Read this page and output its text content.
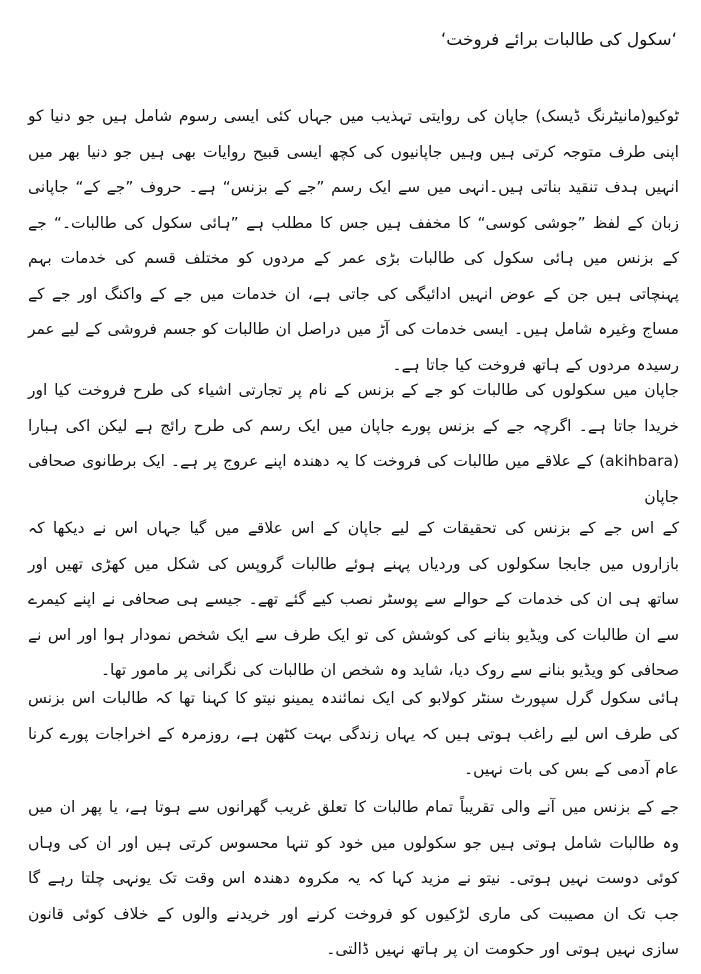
‘سکول کی طالبات برائے فروخت‘

ٹوکیو(مانیٹرنگ ڈیسک) جاپان کی روایتی تہذیب میں جہاں کئی ایسی رسوم شامل ہیں جو دنیا کو اپنی طرف متوجہ کرتی ہیں وہیں جاپانیوں کی کچھ ایسی قبیح روایات بھی ہیں جو دنیا بھر میں انہیں ہدف تنقید بناتی ہیں۔انہی میں سے ایک رسم ”جے کے بزنس“ ہے۔ حروف ”جے کے“ جاپانی زبان کے لفظ ”جوشی کوسی“ کا مخفف ہیں جس کا مطلب ہے ”ہائی سکول کی طالبات۔“ جے کے بزنس میں ہائی سکول کی طالبات بڑی عمر کے مردوں کو مختلف قسم کی خدمات بہم پہنچاتی ہیں جن کے عوض انہیں ادائیگی کی جاتی ہے، ان خدمات میں جے کے واکنگ اور جے کے مساج وغیرہ شامل ہیں۔ ایسی خدمات کی آڑ میں دراصل ان طالبات کو جسم فروشی کے لیے عمر رسیدہ مردوں کے ہاتھ فروخت کیا جاتا ہے۔

جاپان میں سکولوں کی طالبات کو جے کے بزنس کے نام پر تجارتی اشیاء کی طرح فروخت کیا اور خریدا جاتا ہے۔ اگرچہ جے کے بزنس پورے جاپان میں ایک رسم کی طرح رائج ہے لیکن اکی ہبارا (akihbara) کے علاقے میں طالبات کی فروخت کا یہ دھندہ اپنے عروج پر ہے۔ ایک برطانوی صحافی جاپان

کے اس جے کے بزنس کی تحقیقات کے لیے جاپان کے اس علاقے میں گیا جہاں اس نے دیکھا کہ بازاروں میں جابجا سکولوں کی وردیاں پہنے ہوئے طالبات گروپس کی شکل میں کھڑی تھیں اور ساتھ ہی ان کی خدمات کے حوالے سے پوسٹر نصب کیے گئے تھے۔ جیسے ہی صحافی نے اپنے کیمرے سے ان طالبات کی ویڈیو بنانے کی کوشش کی تو ایک طرف سے ایک شخص نمودار ہوا اور اس نے صحافی کو ویڈیو بنانے سے روک دیا، شاید وہ شخص ان طالبات کی نگرانی پر مامور تھا۔

ہائی سکول گرل سپورٹ سنٹر کولابو کی ایک نمائندہ یمینو نیتو کا کہنا تھا کہ طالبات اس بزنس کی طرف اس لیے راغب ہوتی ہیں کہ یہاں زندگی بہت کٹھن ہے، روزمرہ کے اخراجات پورے کرنا عام آدمی کے بس کی بات نہیں۔

جے کے بزنس میں آنے والی تقریباً تمام طالبات کا تعلق غریب گھرانوں سے ہوتا ہے، یا پھر ان میں وہ طالبات شامل ہوتی ہیں جو سکولوں میں خود کو تنہا محسوس کرتی ہیں اور ان کی وہاں کوئی دوست نہیں ہوتی۔ نیتو نے مزید کہا کہ یہ مکروہ دھندہ اس وقت تک یونہی چلتا رہے گا جب تک ان مصیبت کی ماری لڑکیوں کو فروخت کرنے اور خریدنے والوں کے خلاف کوئی قانون سازی نہیں ہوتی اور حکومت ان پر ہاتھ نہیں ڈالتی۔
